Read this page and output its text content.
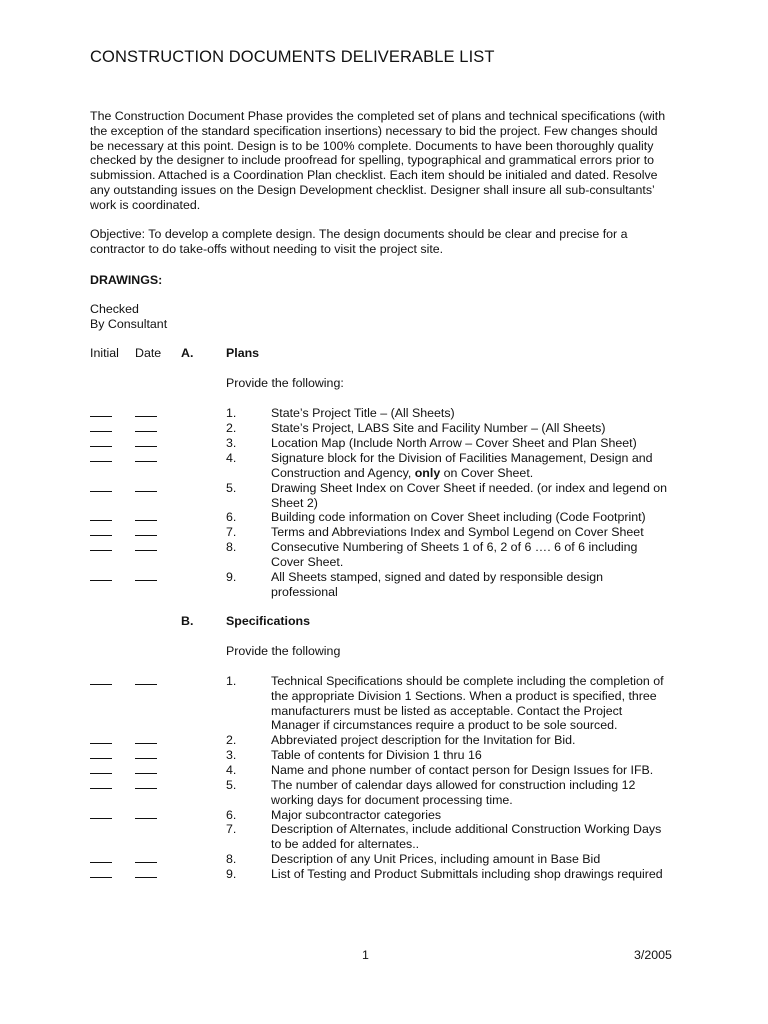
CONSTRUCTION DOCUMENTS DELIVERABLE LIST
The Construction Document Phase provides the completed set of plans and technical specifications (with
the exception of the standard specification insertions) necessary to bid the project. Few changes should
be necessary at this point. Design is to be 100% complete. Documents to have been thoroughly quality
checked by the designer to include proofread for spelling, typographical and grammatical errors prior to
submission. Attached is a Coordination Plan checklist. Each item should be initialed and dated. Resolve
any outstanding issues on the Design Development checklist. Designer shall insure all sub-consultants’
work is coordinated.
Objective: To develop a complete design. The design documents should be clear and precise for a
contractor to do take-offs without needing to visit the project site.
DRAWINGS:
Checked
By Consultant
Initial Date A.	Plans
Provide the following:
1.	State’s Project Title – (All Sheets)
2.	State’s Project, LABS Site and Facility Number – (All Sheets)
3.	Location Map (Include North Arrow – Cover Sheet and Plan Sheet)
4.	Signature block for the Division of Facilities Management, Design and
Construction and Agency, only on Cover Sheet.
5.	Drawing Sheet Index on Cover Sheet if needed. (or index and legend on
Sheet 2)
6.	Building code information on Cover Sheet including (Code Footprint)
7.	Terms and Abbreviations Index and Symbol Legend on Cover Sheet
8.	Consecutive Numbering of Sheets 1 of 6, 2 of 6 …. 6 of 6 including
Cover Sheet.
9.	All Sheets stamped, signed and dated by responsible design
professional
B.	Specifications
Provide the following
1.	Technical Specifications should be complete including the completion of
the appropriate Division 1 Sections. When a product is specified, three
manufacturers must be listed as acceptable. Contact the Project
Manager if circumstances require a product to be sole sourced.
2.	Abbreviated project description for the Invitation for Bid.
3.	Table of contents for Division 1 thru 16
4.	Name and phone number of contact person for Design Issues for IFB.
5.	The number of calendar days allowed for construction including 12
working days for document processing time.
6.	Major subcontractor categories
7.	Description of Alternates, include additional Construction Working Days
to be added for alternates..
8.	Description of any Unit Prices, including amount in Base Bid
9.	List of Testing and Product Submittals including shop drawings required
1	3/2005
